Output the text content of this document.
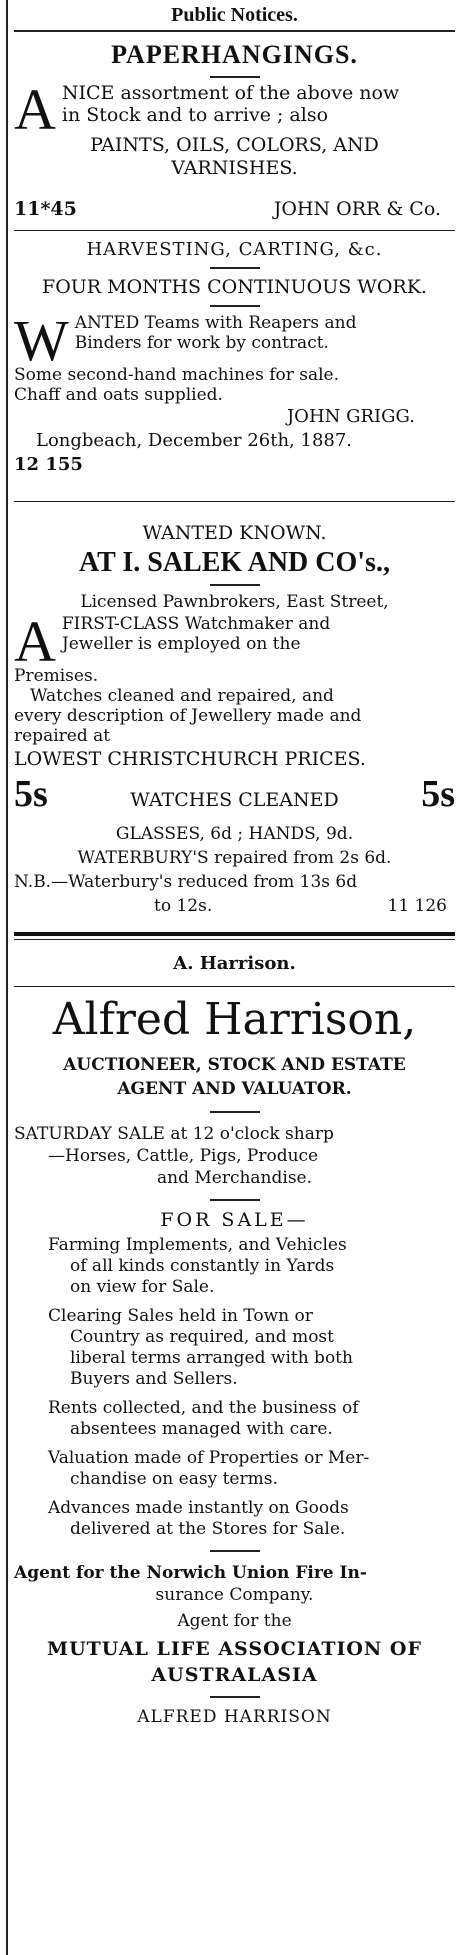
Public Notices.
PAPERHANGINGS.
A NICE assortment of the above now
in Stock and to arrive ; also
PAINTS, OILS, COLORS, AND
VARNISHES.
11*45	JOHN ORR & Co.
HARVESTING, CARTING, &c.
FOUR MONTHS CONTINUOUS WORK.
W ANTED Teams with Reapers and
Binders for work by contract.
Some second-hand machines for sale.
Chaff and oats supplied.
JOHN GRIGG.
Longbeach, December 26th, 1887.
12 155
WANTED KNOWN.
AT I. SALEK AND CO's.,
Licensed Pawnbrokers, East Street,
A FIRST-CLASS Watchmaker and
Jeweller is employed on the
Premises.
Watches cleaned and repaired, and
every description of Jewellery made and
repaired at
LOWEST CHRISTCHURCH PRICES.
5s	WATCHES CLEANED 5s
GLASSES, 6d ; HANDS, 9d.
WATERBURY'S repaired from 2s 6d.
N.B.—Waterbury's reduced from 13s 6d
to 12s.	11 126
A. Harrison.
Alfred Harrison,
AUCTIONEER, STOCK AND ESTATE
AGENT AND VALUATOR.
SATURDAY SALE at 12 o'clock sharp
—Horses, Cattle, Pigs, Produce
and Merchandise.
FOR SALE—
Farming Implements, and Vehicles
of all kinds constantly in Yards
on view for Sale.
Clearing Sales held in Town or
Country as required, and most
liberal terms arranged with both
Buyers and Sellers.
Rents collected, and the business of
absentees managed with care.
Valuation made of Properties or Mer-
chandise on easy terms.
Advances made instantly on Goods
delivered at the Stores for Sale.
Agent for the Norwich Union Fire In-
surance Company.
Agent for the
MUTUAL LIFE ASSOCIATION OF
AUSTRALASIA
ALFRED HARRISON
